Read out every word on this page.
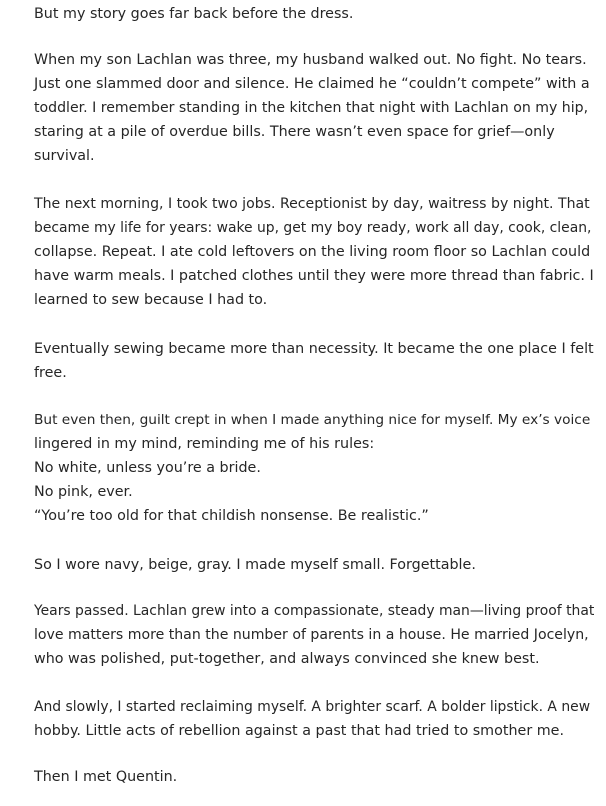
But my story goes far back before the dress.

When my son Lachlan was three, my husband walked out. No fight. No tears.
Just one slammed door and silence. He claimed he “couldn’t compete” with a
toddler. I remember standing in the kitchen that night with Lachlan on my hip,
staring at a pile of overdue bills. There wasn’t even space for grief—only
survival.

The next morning, I took two jobs. Receptionist by day, waitress by night. That
became my life for years: wake up, get my boy ready, work all day, cook, clean,
collapse. Repeat. I ate cold leftovers on the living room floor so Lachlan could
have warm meals. I patched clothes until they were more thread than fabric. I
learned to sew because I had to.

Eventually sewing became more than necessity. It became the one place I felt
free.

But even then, guilt crept in when I made anything nice for myself. My ex’s voice
lingered in my mind, reminding me of his rules:
No white, unless you’re a bride.
No pink, ever.
“You’re too old for that childish nonsense. Be realistic.”

So I wore navy, beige, gray. I made myself small. Forgettable.

Years passed. Lachlan grew into a compassionate, steady man—living proof that
love matters more than the number of parents in a house. He married Jocelyn,
who was polished, put-together, and always convinced she knew best.

And slowly, I started reclaiming myself. A brighter scarf. A bolder lipstick. A new
hobby. Little acts of rebellion against a past that had tried to smother me.

Then I met Quentin.
